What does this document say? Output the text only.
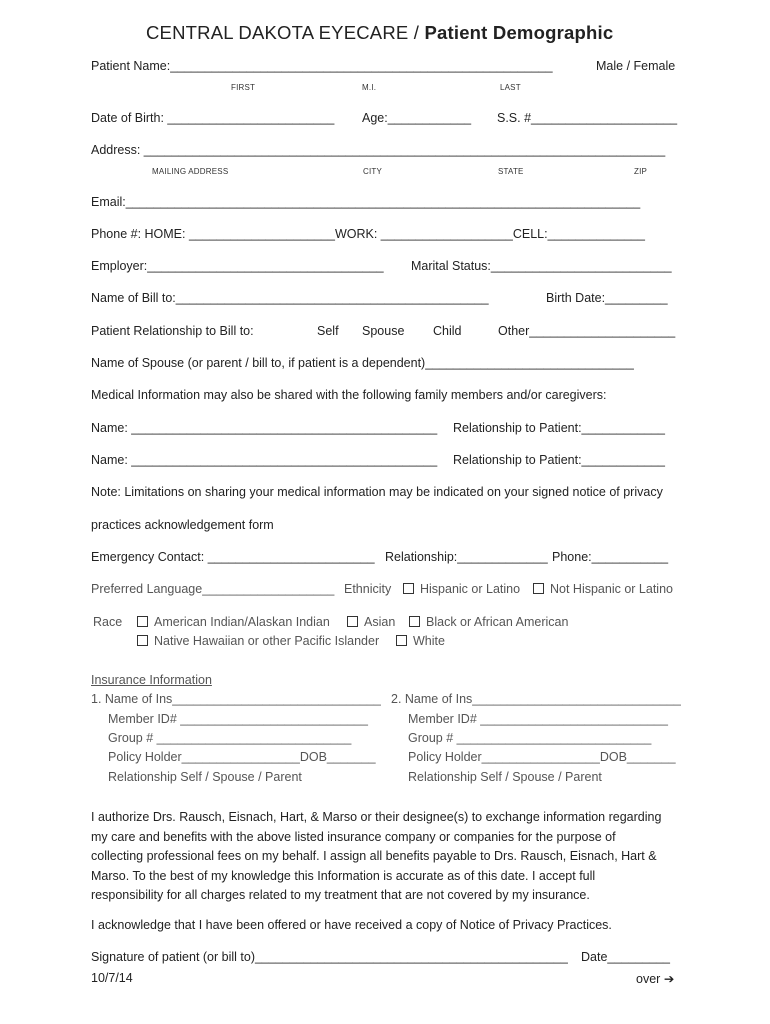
CENTRAL DAKOTA EYECARE / Patient Demographic
Patient Name:_______________________________________________________	Male / Female
FIRST	M.I.	LAST
Date of Birth: ________________________ Age:____________ S.S. #_____________________
Address: ___________________________________________________________________________
MAILING ADDRESS	CITY	STATE	ZIP
Email:__________________________________________________________________________
Phone #: HOME: _____________________WORK: ___________________CELL:______________
Employer:__________________________________ Marital Status:__________________________
Name of Bill to:_____________________________________________	Birth Date:_________
Patient Relationship to Bill to:	Self Spouse Child	Other_____________________
Name of Spouse (or parent / bill to, if patient is a dependent)______________________________
Medical Information may also be shared with the following family members and/or caregivers:
Name: ____________________________________________ Relationship to Patient:____________
Name: ____________________________________________ Relationship to Patient:____________
Note: Limitations on sharing your medical information may be indicated on your signed notice of privacy
practices acknowledgement form
Emergency Contact: ________________________ Relationship:_____________ Phone:___________
Preferred Language___________________ Ethnicity	Hispanic or Latino	Not Hispanic or Latino
Race	American Indian/Alaskan Indian	Asian	Black or African American
Native Hawaiian or other Pacific Islander	White
Insurance Information
1. Name of Ins______________________________
Member ID# ___________________________
Group # ____________________________
Policy Holder_________________DOB_______
Relationship Self / Spouse / Parent
2. Name of Ins______________________________
Member ID# ___________________________
Group # ____________________________
Policy Holder_________________DOB_______
Relationship Self / Spouse / Parent
I authorize Drs. Rausch, Eisnach, Hart, & Marso or their designee(s) to exchange information regarding
my care and benefits with the above listed insurance company or companies for the purpose of
collecting professional fees on my behalf. I assign all benefits payable to Drs. Rausch, Eisnach, Hart &
Marso. To the best of my knowledge this Information is accurate as of this date. I accept full
responsibility for all charges related to my treatment that are not covered by my insurance.
I acknowledge that I have been offered or have received a copy of Notice of Privacy Practices.
Signature of patient (or bill to)_____________________________________________ Date_________
10/7/14	over ➔
